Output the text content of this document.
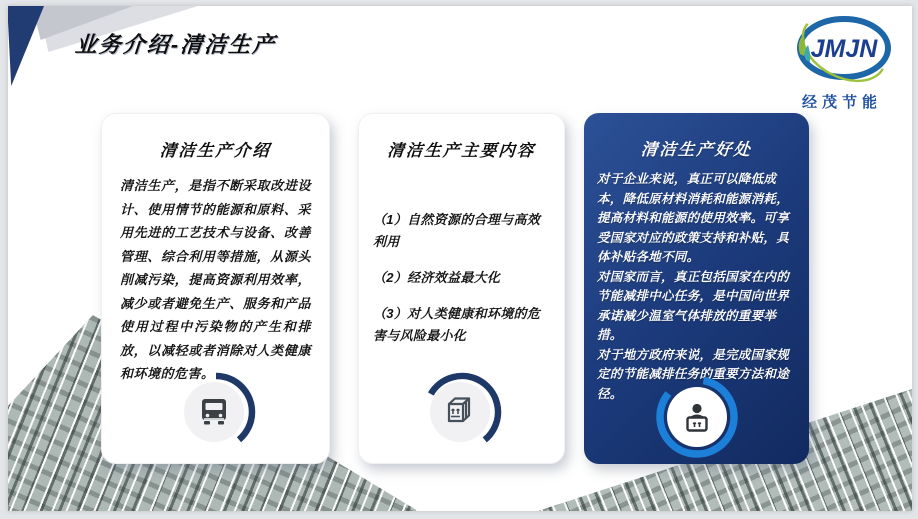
业务介绍-清洁生产	JMJN
经茂节能
清洁生产介绍

清洁生产，是指不断采取改进设计、使用情节的能源和原料、采用先进的工艺技术与设备、改善管理、综合利用等措施，从源头削减污染，提高资源利用效率，减少或者避免生产、服务和产品使用过程中污染物的产生和排放，以减轻或者消除对人类健康和环境的危害。

清洁生产主要内容
（1）自然资源的合理与高效利用
（2）经济效益最大化
（3）对人类健康和环境的危害与风险最小化
清洁生产好处

对于企业来说，真正可以降低成本，降低原材料消耗和能源消耗，提高材料和能源的使用效率。可享受国家对应的政策支持和补贴，具体补贴各地不同。

对国家而言，真正包括国家在内的节能减排中心任务，是中国向世界承诺减少温室气体排放的重要举措。

对于地方政府来说，是完成国家规定的节能减排任务的重要方法和途径。
